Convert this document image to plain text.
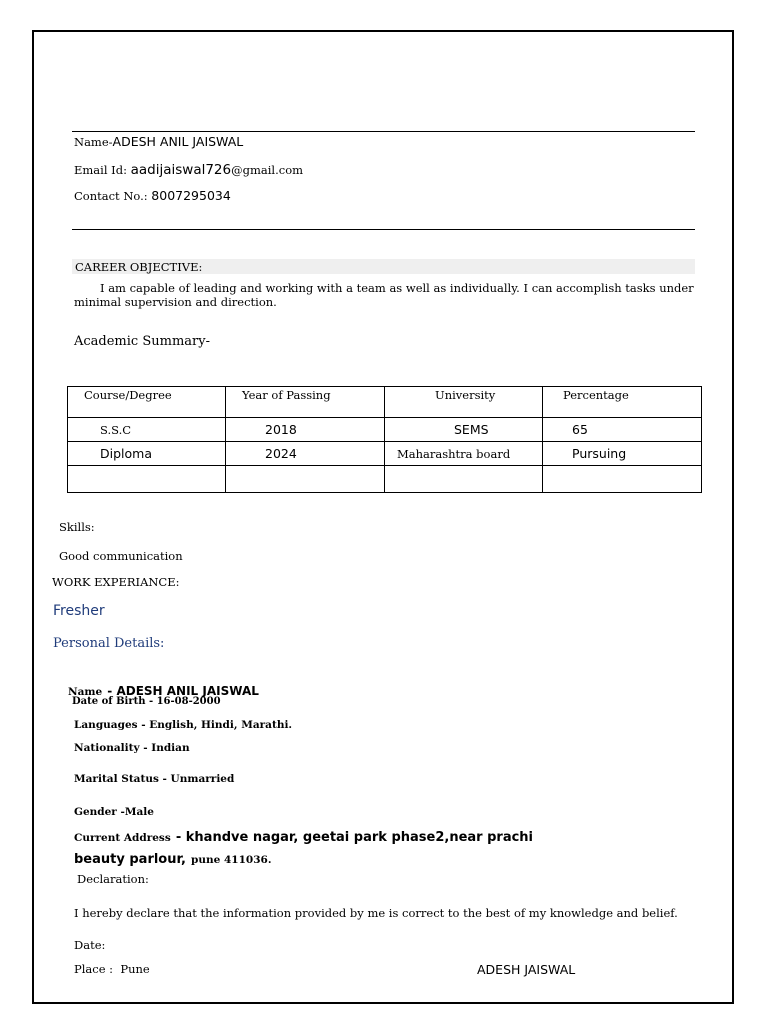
Name-ADESH ANIL JAISWAL
Email Id: aadijaiswal726@gmail.com
Contact No.: 8007295034
CAREER OBJECTIVE:
I am capable of leading and working with a team as well as individually. I can accomplish tasks under
minimal supervision and direction.
Academic Summary-
Course/Degree	Year of Passing	University	Percentage
S.S.C	2018	SEMS	65
Diploma	2024	Maharashtra board	Pursuing

Skills:
Good communication
WORK EXPERIANCE:
Fresher
Personal Details:
Name - ADESH ANIL JAISWAL
Date of Birth - 16-08-2000
Languages - English, Hindi, Marathi.
Nationality - Indian
Marital Status - Unmarried
Gender -Male
Current Address - khandve nagar, geetai park phase2,near prachi
beauty parlour, pune 411036.
Declaration:
I hereby declare that the information provided by me is correct to the best of my knowledge and belief.
Date:
Place : Pune	ADESH JAISWAL
